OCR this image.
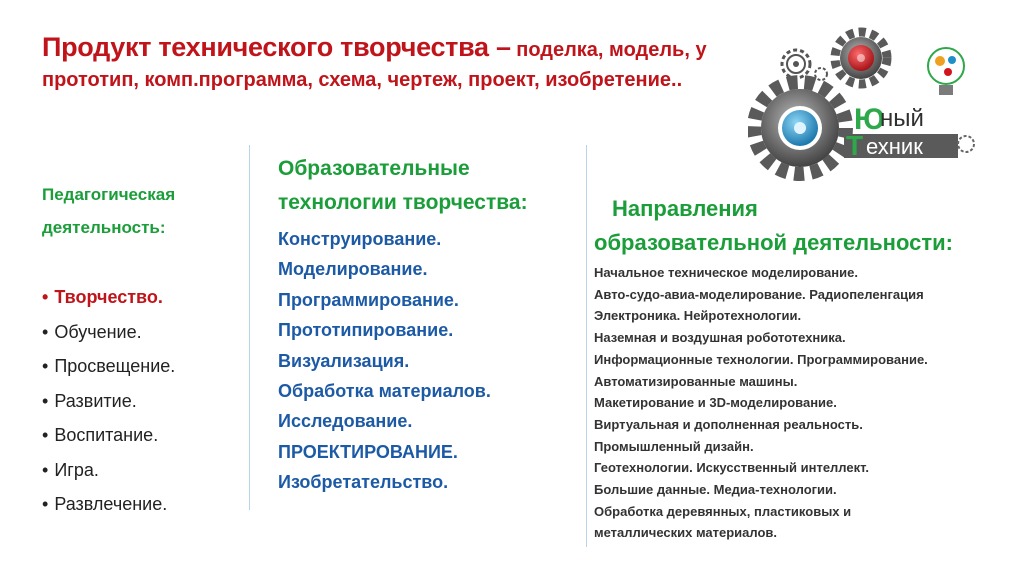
Продукт технического творчества – поделка, модель, у
прототип, комп.программа, схема, чертеж, проект, изобретение..
Ю
ный
Т ехник
Педагогическая
деятельность:
• Творчество.
• Обучение.
• Просвещение.
• Развитие.
• Воспитание.
• Игра.
• Развлечение.
Образовательные
технологии творчества:
Конструирование.
Моделирование.
Программирование.
Прототипирование.
Визуализация.
Обработка материалов.
Исследование.
ПРОЕКТИРОВАНИЕ.
Изобретательство.
Направления
образовательной деятельности:
Начальное техническое моделирование.
Авто-судо-авиа-моделирование. Радиопеленгация
Электроника. Нейротехнологии.
Наземная и воздушная робототехника.
Информационные технологии. Программирование.
Автоматизированные машины.
Макетирование и 3D-моделирование.
Виртуальная и дополненная реальность.
Промышленный дизайн.
Геотехнологии. Искусственный интеллект.
Большие данные. Медиа-технологии.
Обработка деревянных, пластиковых и
металлических материалов.
